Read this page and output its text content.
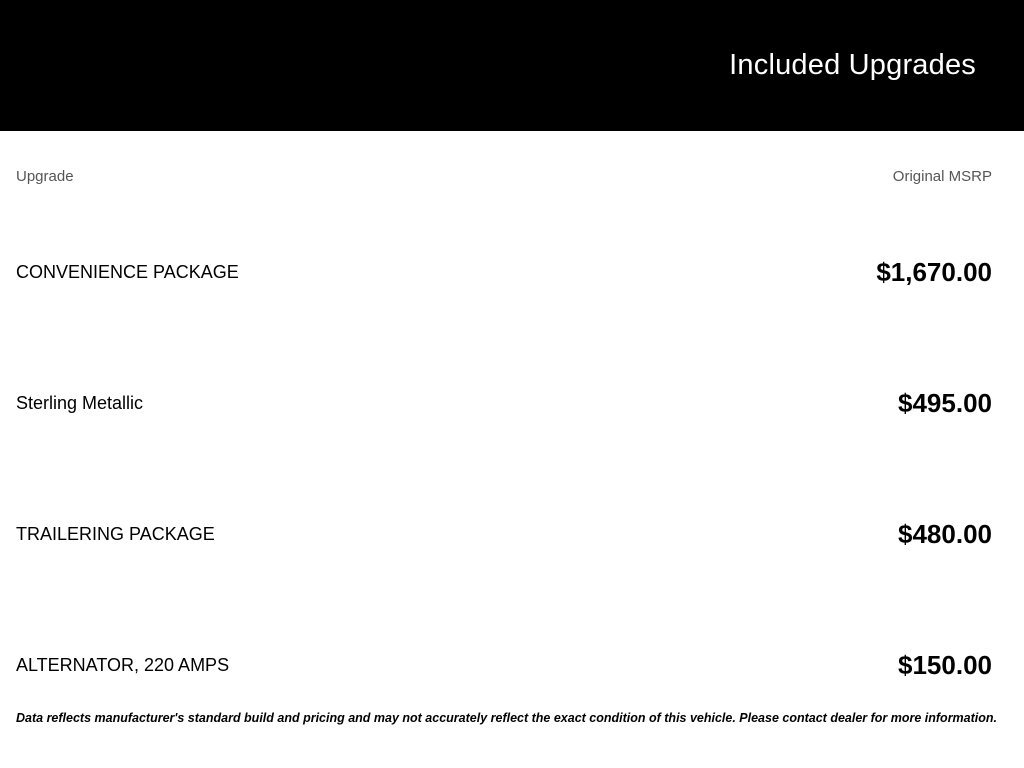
Included Upgrades
Upgrade	Original MSRP
CONVENIENCE PACKAGE	$1,670.00
Sterling Metallic	$495.00
TRAILERING PACKAGE	$480.00
ALTERNATOR, 220 AMPS	$150.00
Data reflects manufacturer's standard build and pricing and may not accurately reflect the exact condition of this vehicle. Please contact dealer for more information.
